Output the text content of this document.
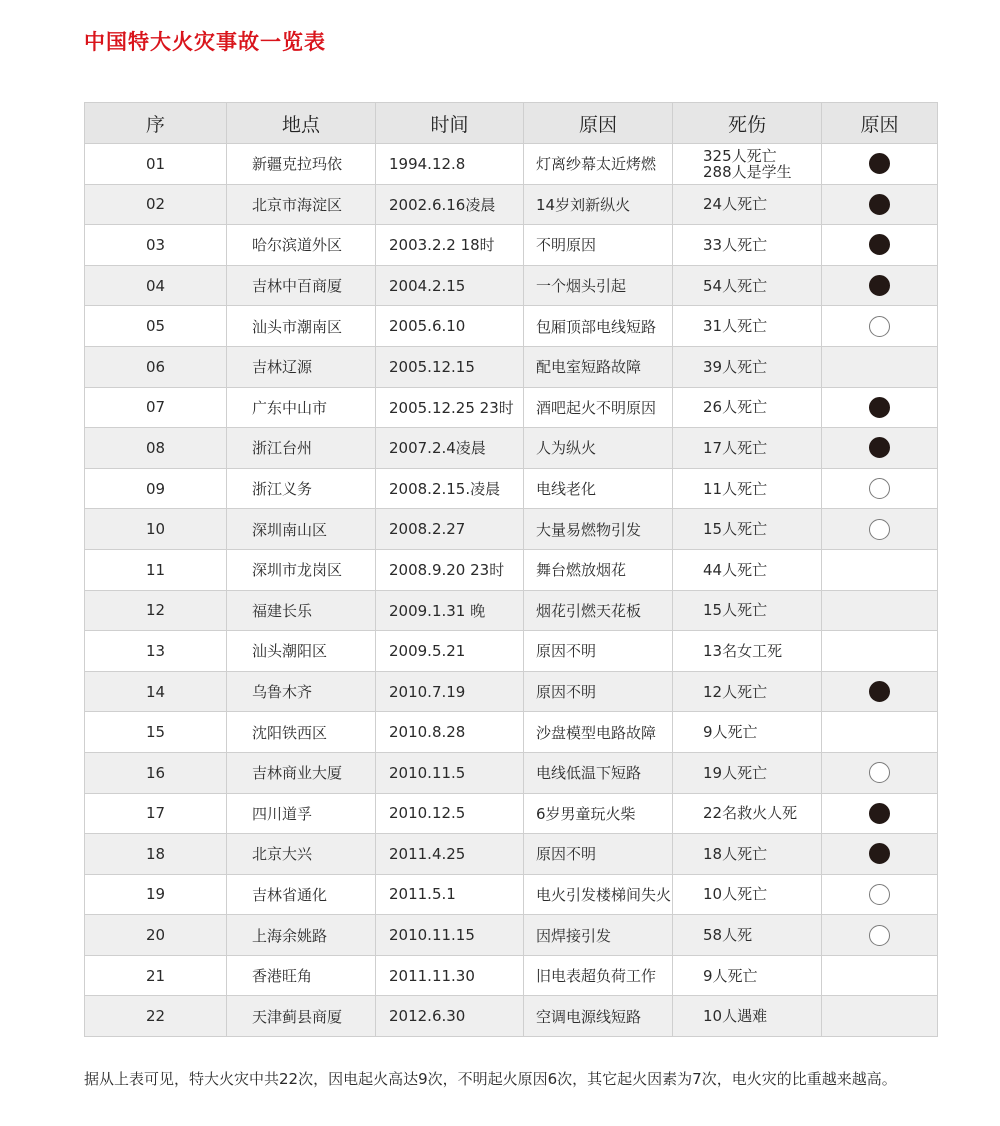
中国特大火灾事故一览表
序	地点	时间	原因	死伤	原因
01	新疆克拉玛依	1994.12.8	灯离纱幕太近烤燃	325人死亡
288人是学生	

02	北京市海淀区	2002.6.16凌晨	14岁刘新纵火	24人死亡	
03	哈尔滨道外区	2003.2.2 18时	不明原因	33人死亡	
04	吉林中百商厦	2004.2.15	一个烟头引起	54人死亡	
05	汕头市潮南区	2005.6.10	包厢顶部电线短路	31人死亡	
06	吉林辽源	2005.12.15	配电室短路故障	39人死亡	
07	广东中山市	2005.12.25 23时	酒吧起火不明原因	26人死亡	
08	浙江台州	2007.2.4凌晨	人为纵火	17人死亡	
09	浙江义务	2008.2.15.凌晨	电线老化	11人死亡	
10	深圳南山区	2008.2.27	大量易燃物引发	15人死亡	
11	深圳市龙岗区	2008.9.20 23时	舞台燃放烟花	44人死亡	
12	福建长乐	2009.1.31 晚	烟花引燃天花板	15人死亡	
13	汕头潮阳区	2009.5.21	原因不明	13名女工死	
14	乌鲁木齐	2010.7.19	原因不明	12人死亡	
15	沈阳铁西区	2010.8.28	沙盘模型电路故障	9人死亡	
16	吉林商业大厦	2010.11.5	电线低温下短路	19人死亡	
17	四川道孚	2010.12.5	6岁男童玩火柴	22名救火人死	
18	北京大兴	2011.4.25	原因不明	18人死亡	
19	吉林省通化	2011.5.1	电火引发楼梯间失火	10人死亡	
20	上海余姚路	2010.11.15	因焊接引发	58人死	
21	香港旺角	2011.11.30	旧电表超负荷工作	9人死亡	
22	天津蓟县商厦	2012.6.30	空调电源线短路	10人遇难	
据从上表可见，特大火灾中共22次，因电起火高达9次，不明起火原因6次，其它起火因素为7次，电火灾的比重越来越高。
